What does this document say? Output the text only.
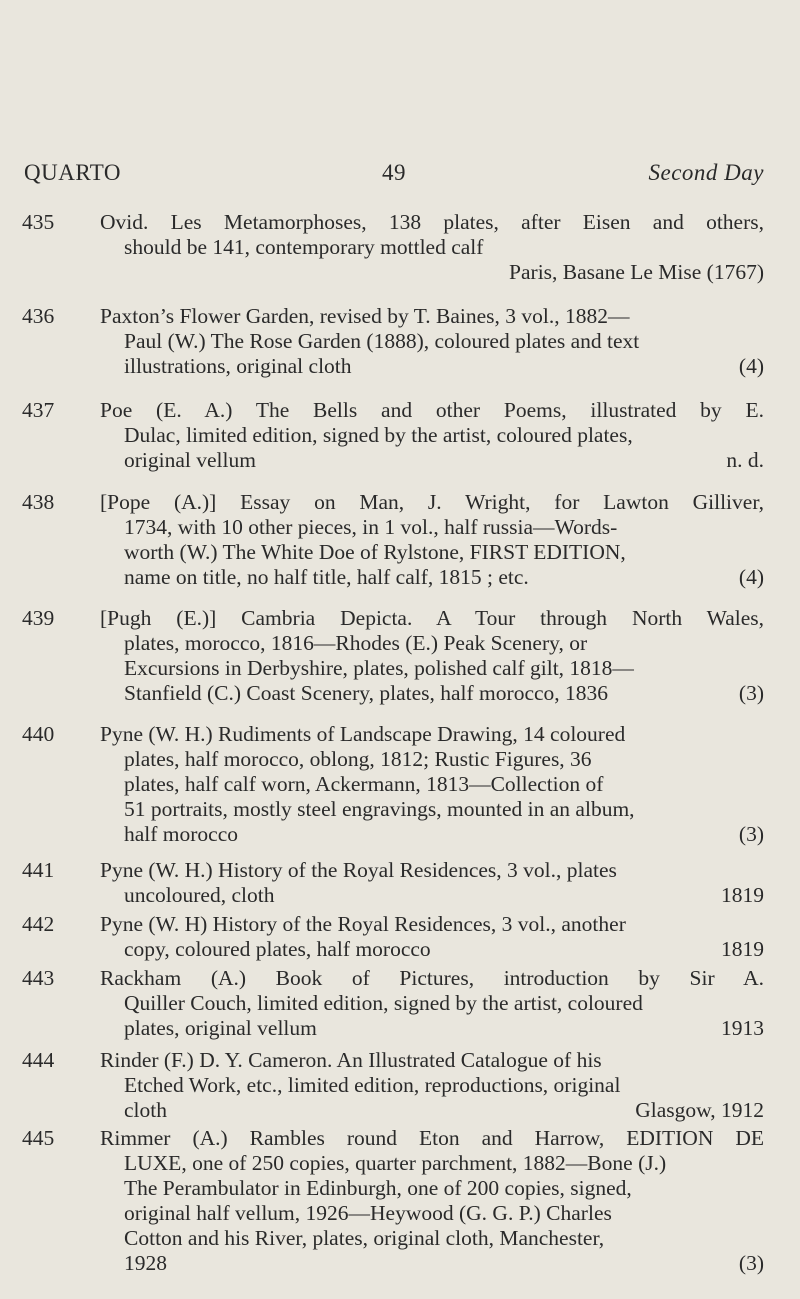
QUARTO	49	Second Day
435	Ovid. Les Metamorphoses, 138 plates, after Eisen and others,
should be 141, contemporary mottled calf
Paris, Basane Le Mise (1767)
436	Paxton’s Flower Garden, revised by T. Baines, 3 vol., 1882—
Paul (W.) The Rose Garden (1888), coloured plates and text
illustrations, original cloth	(4)
437	Poe (E. A.) The Bells and other Poems, illustrated by E.
Dulac, limited edition, signed by the artist, coloured plates,
original vellum	n. d.
438	[Pope (A.)] Essay on Man, J. Wright, for Lawton Gilliver,
1734, with 10 other pieces, in 1 vol., half russia—Words-
worth (W.) The White Doe of Rylstone, FIRST EDITION,
name on title, no half title, half calf, 1815 ; etc.	(4)
439	[Pugh (E.)] Cambria Depicta. A Tour through North Wales,
plates, morocco, 1816—Rhodes (E.) Peak Scenery, or
Excursions in Derbyshire, plates, polished calf gilt, 1818—
Stanfield (C.) Coast Scenery, plates, half morocco, 1836	(3)
440	Pyne (W. H.) Rudiments of Landscape Drawing, 14 coloured
plates, half morocco, oblong, 1812; Rustic Figures, 36
plates, half calf worn, Ackermann, 1813—Collection of
51 portraits, mostly steel engravings, mounted in an album,
half morocco	(3)
441	Pyne (W. H.) History of the Royal Residences, 3 vol., plates
uncoloured, cloth	1819
442	Pyne (W. H) History of the Royal Residences, 3 vol., another
copy, coloured plates, half morocco	1819
443	Rackham (A.) Book of Pictures, introduction by Sir A.
Quiller Couch, limited edition, signed by the artist, coloured
plates, original vellum	1913
444	Rinder (F.) D. Y. Cameron. An Illustrated Catalogue of his
Etched Work, etc., limited edition, reproductions, original
cloth	Glasgow, 1912
445	Rimmer (A.) Rambles round Eton and Harrow, EDITION DE
LUXE, one of 250 copies, quarter parchment, 1882—Bone (J.)
The Perambulator in Edinburgh, one of 200 copies, signed,
original half vellum, 1926—Heywood (G. G. P.) Charles
Cotton and his River, plates, original cloth, Manchester,
1928	(3)
